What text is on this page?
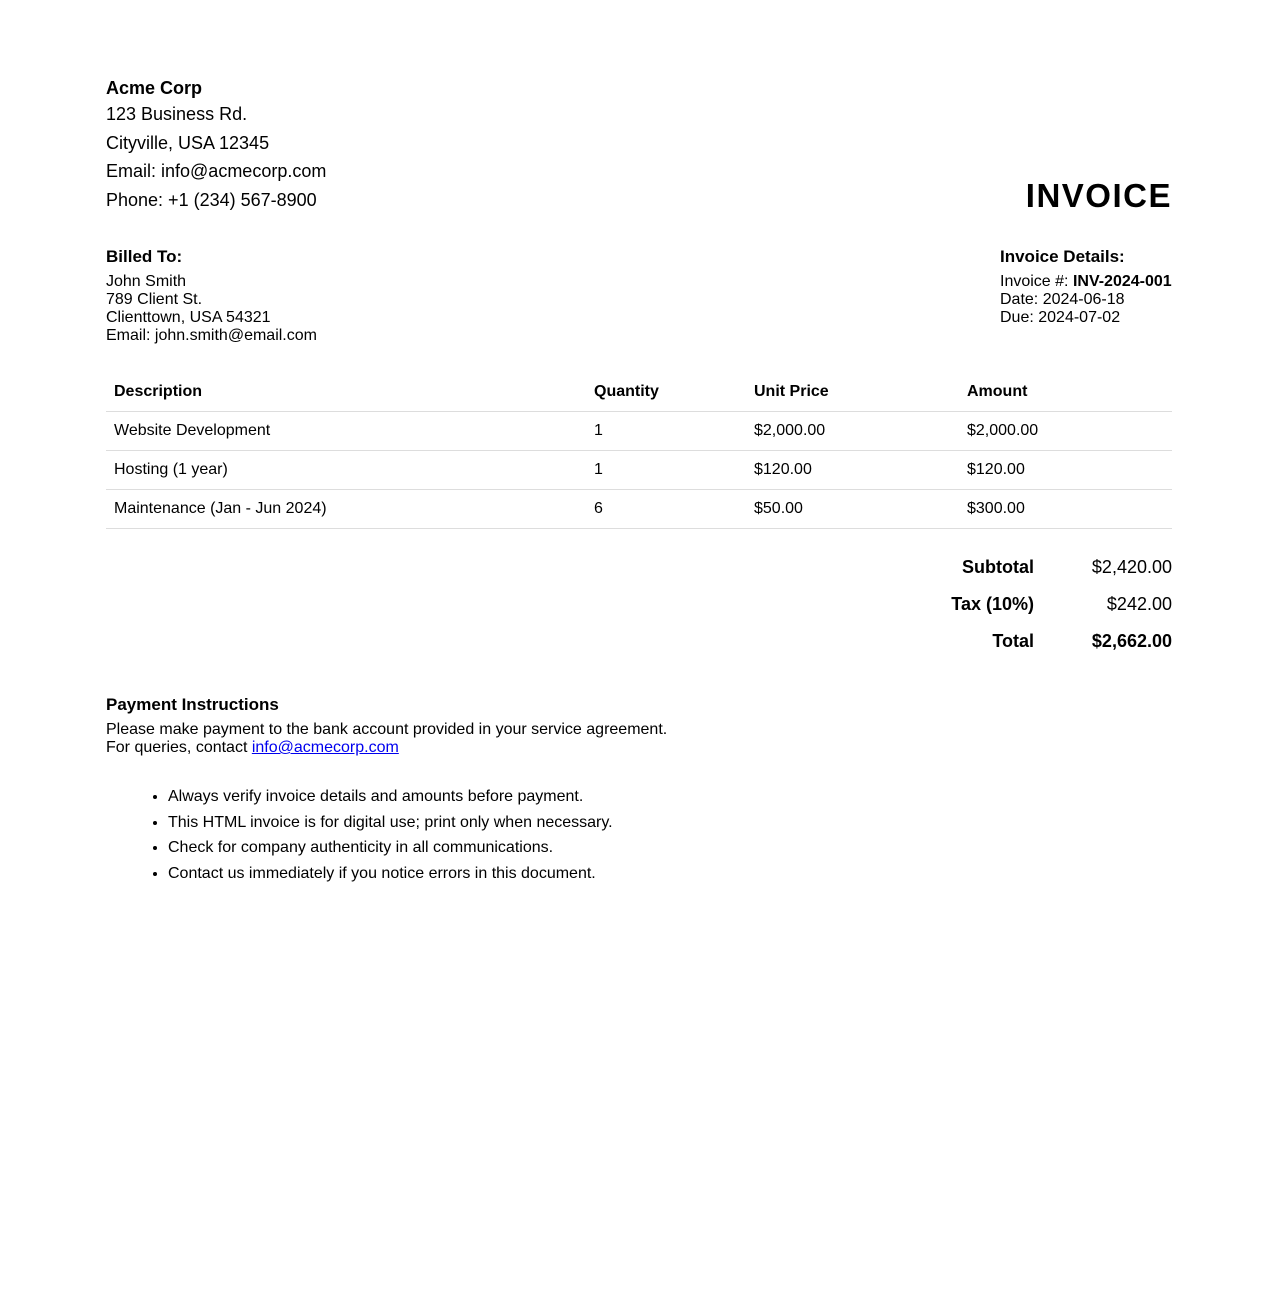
Acme Corp
123 Business Rd.
Cityville, USA 12345
Email: info@acmecorp.com
Phone: +1 (234) 567-8900	INVOICE
Billed To:
John Smith
789 Client St.
Clienttown, USA 54321
Email: john.smith@email.com
Invoice Details:
Invoice #: INV-2024-001
Date: 2024-06-18
Due: 2024-07-02
Description	Quantity	Unit Price	Amount
Website Development	1	$2,000.00	$2,000.00
Hosting (1 year)	1	$120.00	$120.00
Maintenance (Jan - Jun 2024)	6	$50.00	$300.00
Subtotal	$2,420.00
Tax (10%)	$242.00
Total	$2,662.00
Payment Instructions
Please make payment to the bank account provided in your service agreement.
For queries, contact info@acmecorp.com
• Always verify invoice details and amounts before payment.
• This HTML invoice is for digital use; print only when necessary.
• Check for company authenticity in all communications.
• Contact us immediately if you notice errors in this document.
